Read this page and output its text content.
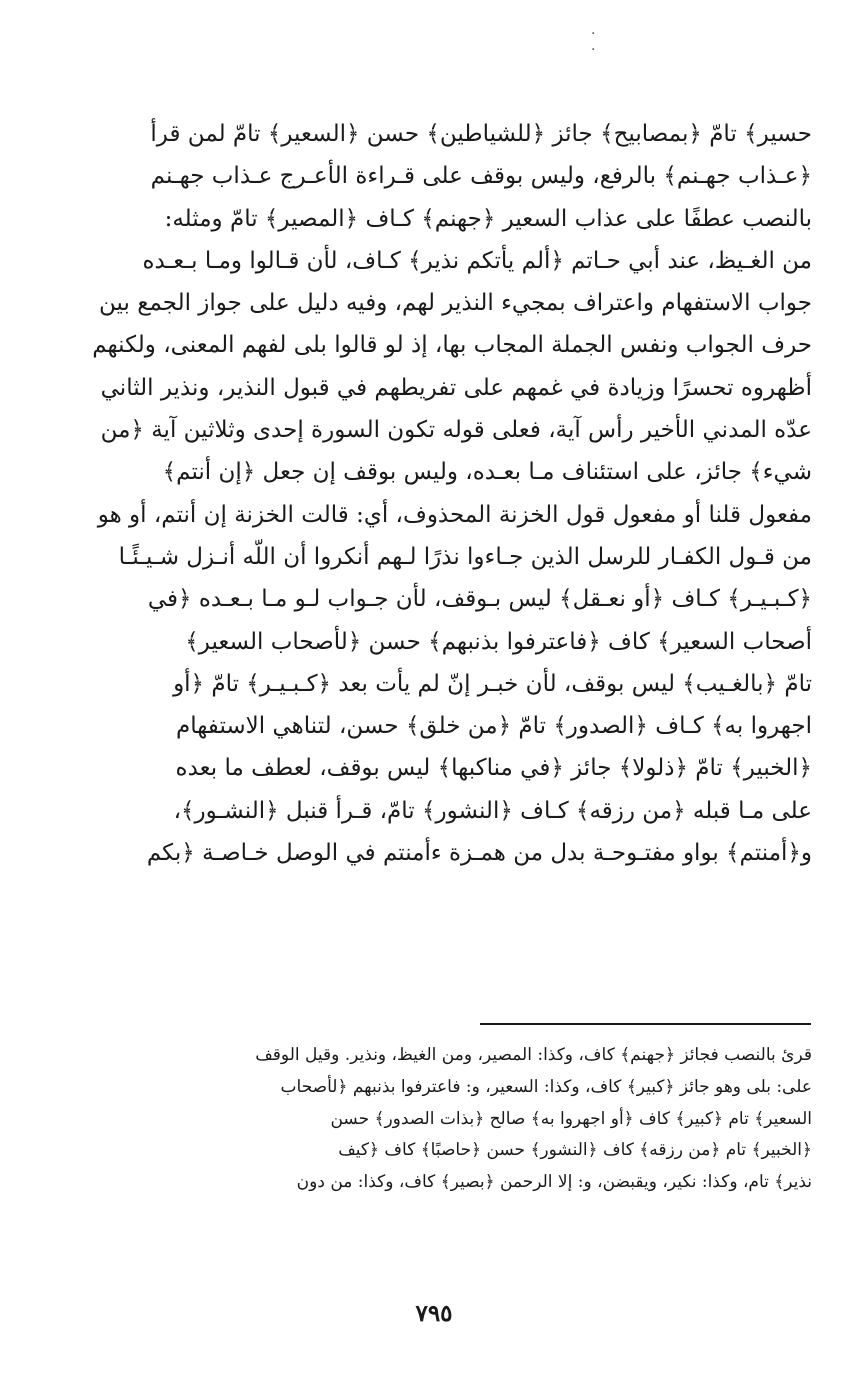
· ·
حسير﴾ تامّ ﴿بمصابيح﴾ جائز ﴿للشياطين﴾ حسن ﴿السعير﴾ تامّ لمن قرأ
﴿عـذاب جهـنم﴾ بالرفع، وليس بوقف على قـراءة الأعـرج عـذاب جهـنم
بالنصب عطفًا على عذاب السعير ﴿جهنم﴾ كـاف ﴿المصير﴾ تامّ ومثله:
من الغـيظ، عند أبي حـاتم ﴿ألم يأتكم نذير﴾ كـاف، لأن قـالوا ومـا بـعـده
جواب الاستفهام واعتراف بمجيء النذير لهم، وفيه دليل على جواز الجمع بين
حرف الجواب ونفس الجملة المجاب بها، إذ لو قالوا بلى لفهم المعنى، ولكنهم
أظهروه تحسرًا وزيادة في غمهم على تفريطهم في قبول النذير، ونذير الثاني
عدّه المدني الأخير رأس آية، فعلى قوله تكون السورة إحدى وثلاثين آية ﴿من
شيء﴾ جائز، على استئناف مـا بعـده، وليس بوقف إن جعل ﴿إن أنتم﴾
مفعول قلنا أو مفعول قول الخزنة المحذوف، أي: قالت الخزنة إن أنتم، أو هو
من قـول الكفـار للرسل الذين جـاءوا نذرًا لـهم أنكروا أن اللّه أنـزل شـيـئًـا
﴿كـبـيـر﴾ كـاف ﴿أو نعـقل﴾ ليس بـوقف، لأن جـواب لـو مـا بـعـده ﴿في
أصحاب السعير﴾ كاف ﴿فاعترفوا بذنبهم﴾ حسن ﴿لأصحاب السعير﴾
تامّ ﴿بالغـيب﴾ ليس بوقف، لأن خبـر إنّ لم يأت بعد ﴿كـبـيـر﴾ تامّ ﴿أو
اجهروا به﴾ كـاف ﴿الصدور﴾ تامّ ﴿من خلق﴾ حسن، لتناهي الاستفهام
﴿الخبير﴾ تامّ ﴿ذلولا﴾ جائز ﴿في مناكبها﴾ ليس بوقف، لعطف ما بعده
على مـا قبله ﴿من رزقه﴾ كـاف ﴿النشور﴾ تامّ، قـرأ قنبل ﴿النشـور﴾،
و﴿أمنتم﴾ بواو مفتـوحـة بدل من همـزة ءأمنتم في الوصل خـاصـة ﴿بكم
قرئ بالنصب فجائز ﴿جهنم﴾ كاف، وكذا: المصير، ومن الغيظ، ونذير. وقيل الوقف
على: بلى وهو جائز ﴿كبير﴾ كاف، وكذا: السعير، و: فاعترفوا بذنبهم ﴿لأصحاب
السعير﴾ تام ﴿كبير﴾ كاف ﴿أو اجهروا به﴾ صالح ﴿بذات الصدور﴾ حسن
﴿الخبير﴾ تام ﴿من رزقه﴾ كاف ﴿النشور﴾ حسن ﴿حاصبًا﴾ كاف ﴿كيف
نذير﴾ تام، وكذا: نكير، ويقبضن، و: إلا الرحمن ﴿بصير﴾ كاف، وكذا: من دون
٧٩٥
